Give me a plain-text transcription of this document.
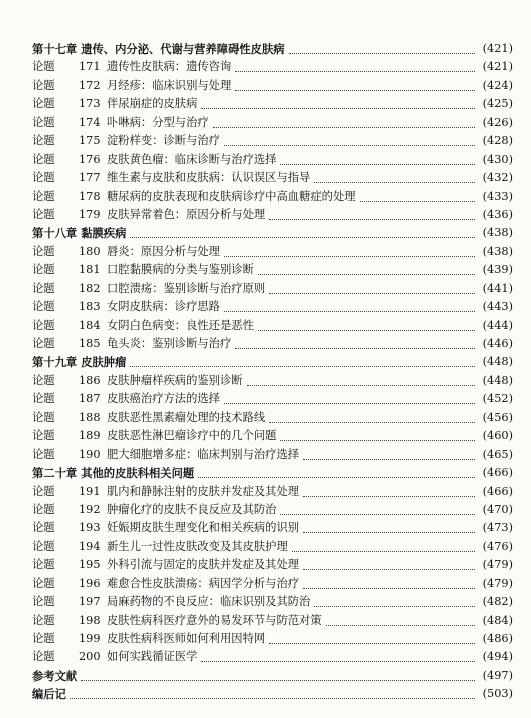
第十七章 遗传、内分泌、代谢与营养障碍性皮肤病	(421)
论题	171 遗传性皮肤病：遗传咨询	(421)
论题	172 月经疹：临床识别与处理	(424)
论题	173 伴尿崩症的皮肤病	(425)
论题	174 卟啉病：分型与治疗	(426)
论题	175 淀粉样变：诊断与治疗	(428)
论题	176 皮肤黄色瘤：临床诊断与治疗选择	(430)
论题	177 维生素与皮肤和皮肤病：认识误区与指导	(432)
论题	178 糖尿病的皮肤表现和皮肤病诊疗中高血糖症的处理	(433)
论题	179 皮肤异常着色：原因分析与处理	(436)
第十八章 黏膜疾病	(438)
论题	180 唇炎：原因分析与处理	(438)
论题	181 口腔黏膜病的分类与鉴别诊断	(439)
论题	182 口腔溃疡：鉴别诊断与治疗原则	(441)
论题	183 女阴皮肤病：诊疗思路	(443)
论题	184 女阴白色病变：良性还是恶性	(444)
论题	185 龟头炎：鉴别诊断与治疗	(446)
第十九章 皮肤肿瘤	(448)
论题	186 皮肤肿瘤样疾病的鉴别诊断	(448)
论题	187 皮肤癌治疗方法的选择	(452)
论题	188 皮肤恶性黑素瘤处理的技术路线	(456)
论题	189 皮肤恶性淋巴瘤诊疗中的几个问题	(460)
论题	190 肥大细胞增多症：临床判别与治疗选择	(465)
第二十章 其他的皮肤科相关问题	(466)
论题	191 肌内和静脉注射的皮肤并发症及其处理	(466)
论题	192 肿瘤化疗的皮肤不良反应及其防治	(470)
论题	193 妊娠期皮肤生理变化和相关疾病的识别	(473)
论题	194 新生儿一过性皮肤改变及其皮肤护理	(476)
论题	195 外科引流与固定的皮肤并发症及其处理	(479)
论题	196 难愈合性皮肤溃疡：病因学分析与治疗	(479)
论题	197 局麻药物的不良反应：临床识别及其防治	(482)
论题	198 皮肤性病科医疗意外的易发环节与防范对策	(484)
论题	199 皮肤性病科医师如何利用因特网	(486)
论题	200 如何实践循证医学	(494)
参考文献	(497)
编后记	(503)
